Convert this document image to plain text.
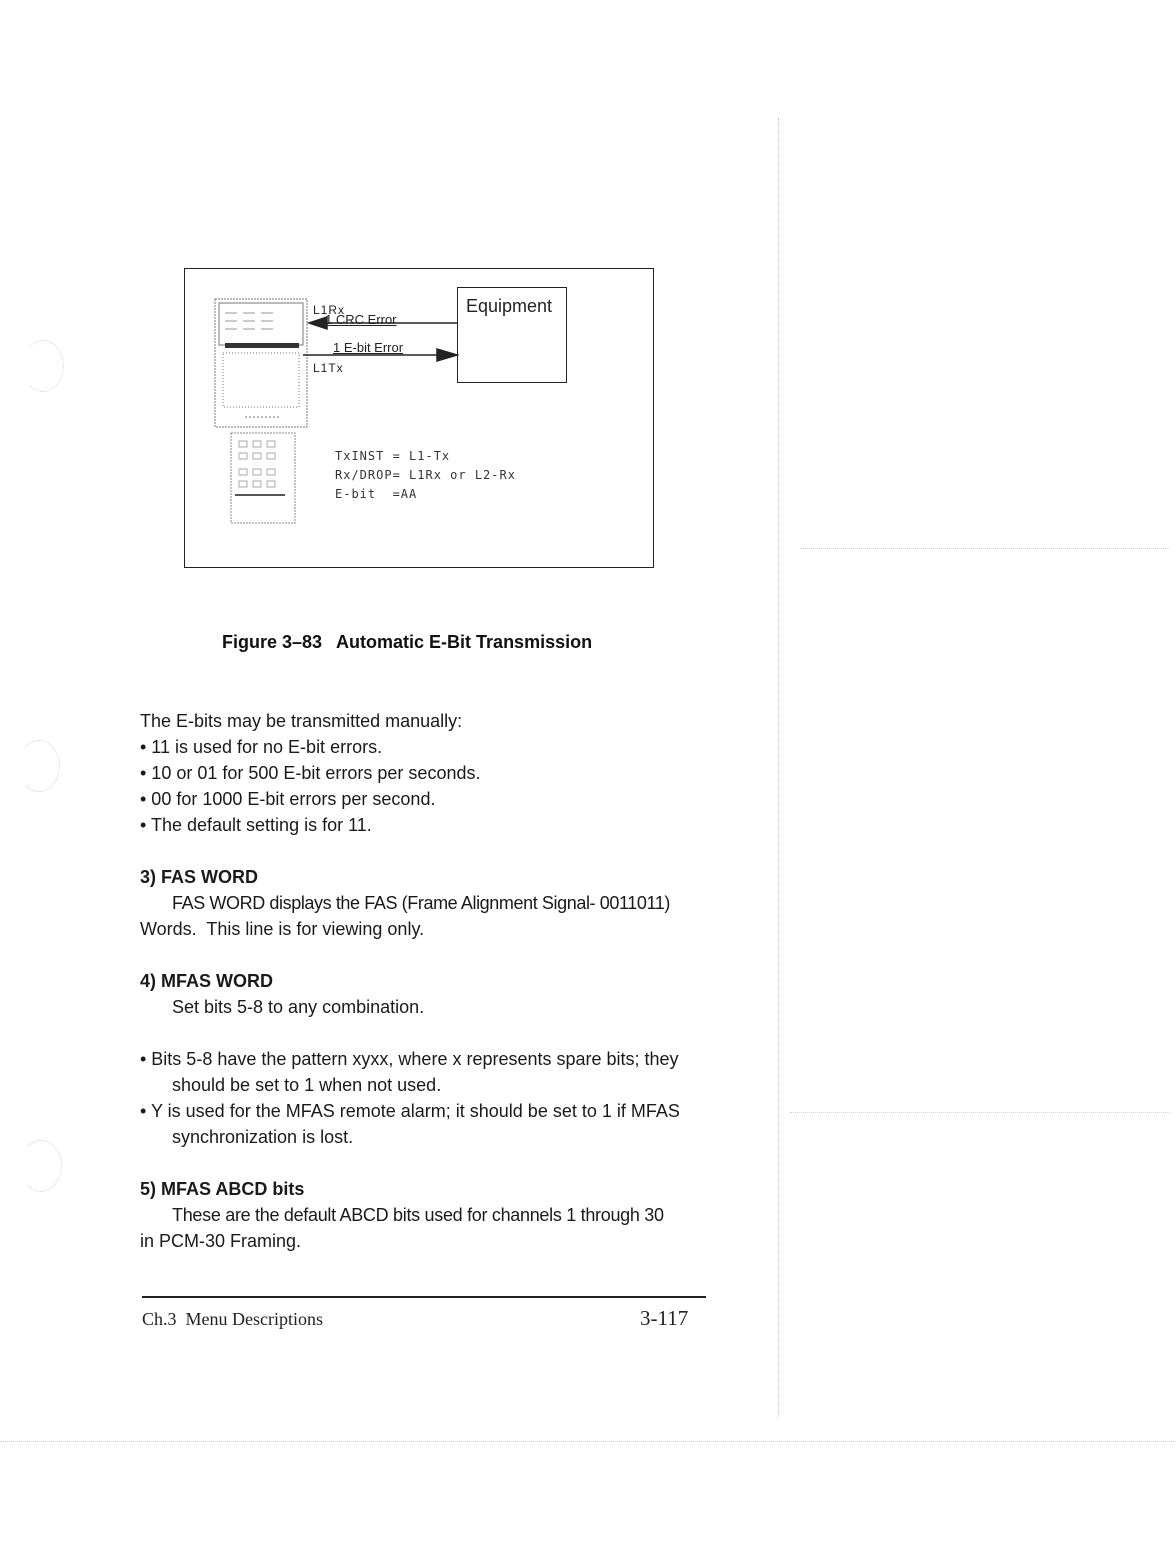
L1Rx
1 CRC Error
1 E-bit Error
L1Tx
Equipment
TxINST = L1-Tx
Rx/DROP= L1Rx or L2-Rx
E-bit  =AA
Figure 3–83 Automatic E-Bit Transmission
The E-bits may be transmitted manually:
• 11 is used for no E-bit errors.
• 10 or 01 for 500 E-bit errors per seconds.
• 00 for 1000 E-bit errors per second.
• The default setting is for 11.
3) FAS WORD
FAS WORD displays the FAS (Frame Alignment Signal- 0011011)
Words.  This line is for viewing only.
4) MFAS WORD
Set bits 5-8 to any combination.
• Bits 5-8 have the pattern xyxx, where x represents spare bits; they should be set to 1 when not used.
• Y is used for the MFAS remote alarm; it should be set to 1 if MFAS synchronization is lost.
5) MFAS ABCD bits
These are the default ABCD bits used for channels 1 through 30
in PCM-30 Framing.
Ch.3  Menu Descriptions	3-117
